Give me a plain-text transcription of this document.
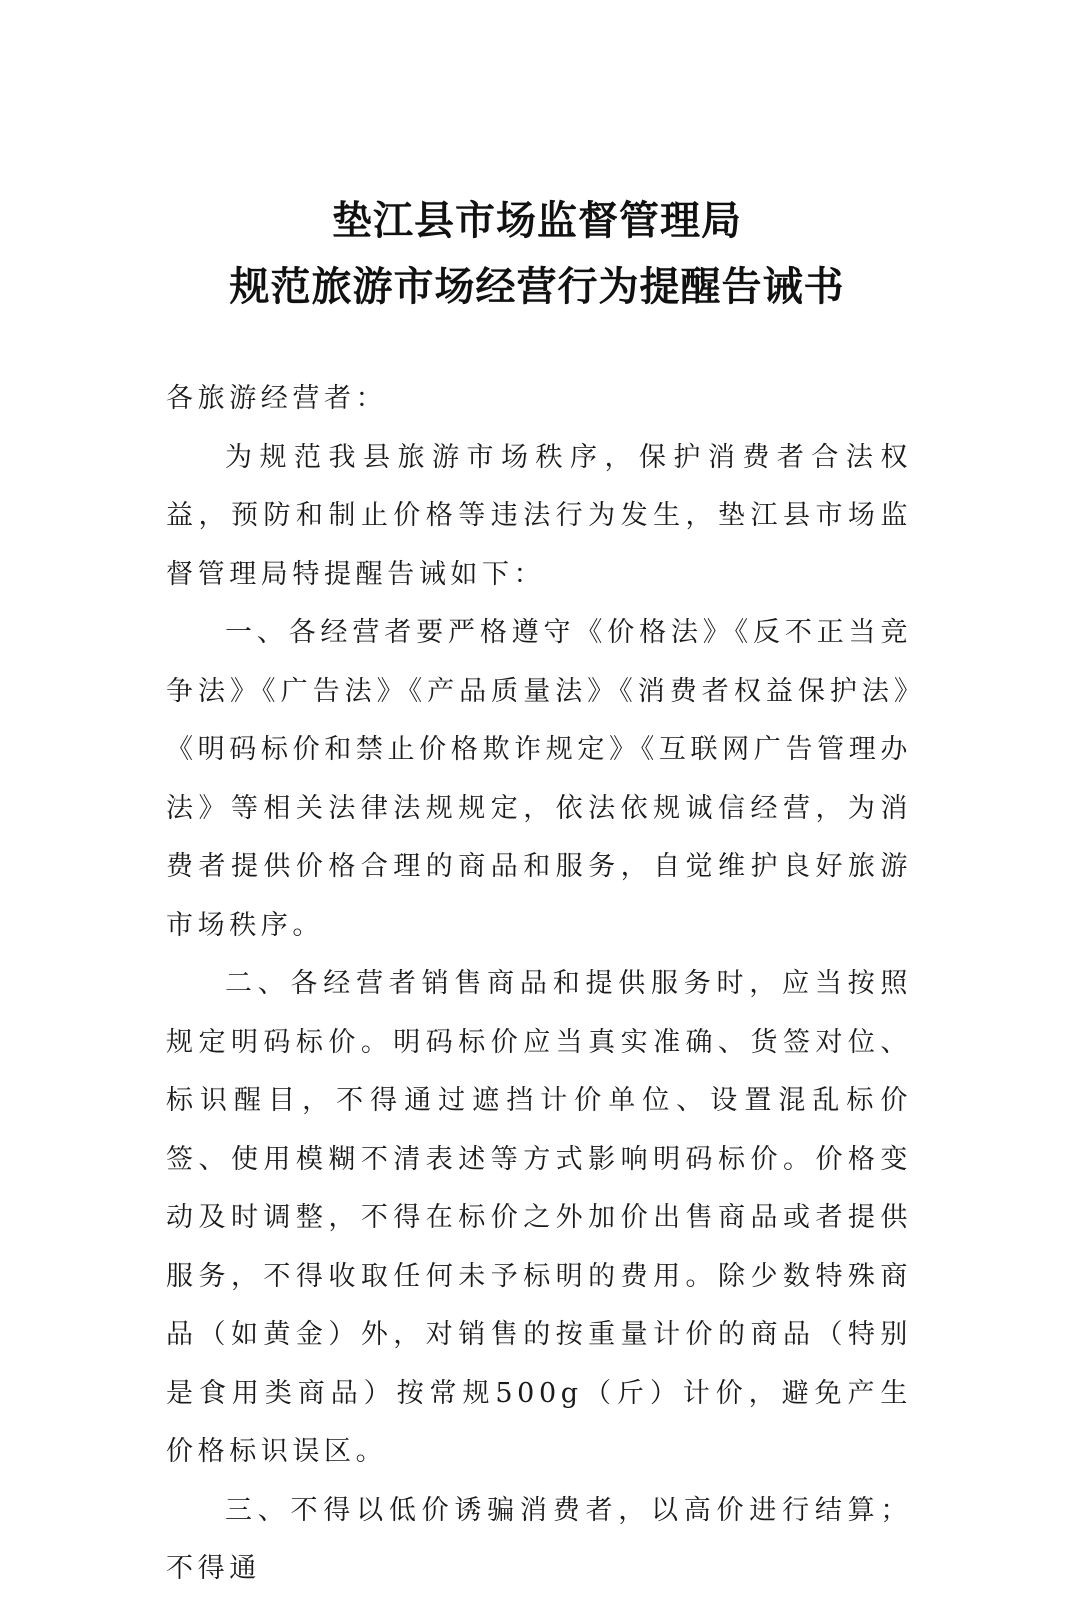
垫江县市场监督管理局
规范旅游市场经营行为提醒告诫书

各旅游经营者：

为规范我县旅游市场秩序，保护消费者合法权益，预防和制止价格等违法行为发生，垫江县市场监督管理局特提醒告诫如下：

一、各经营者要严格遵守《价格法》《反不正当竞争法》《广告法》《产品质量法》《消费者权益保护法》《明码标价和禁止价格欺诈规定》《互联网广告管理办法》等相关法律法规规定，依法依规诚信经营，为消费者提供价格合理的商品和服务，自觉维护良好旅游市场秩序。

二、各经营者销售商品和提供服务时，应当按照规定明码标价。明码标价应当真实准确、货签对位、标识醒目，不得通过遮挡计价单位、设置混乱标价签、使用模糊不清表述等方式影响明码标价。价格变动及时调整，不得在标价之外加价出售商品或者提供服务，不得收取任何未予标明的费用。除少数特殊商品（如黄金）外，对销售的按重量计价的商品（特别是食用类商品）按常规500g（斤）计价，避免产生价格标识误区。

三、不得以低价诱骗消费者，以高价进行结算；不得通
